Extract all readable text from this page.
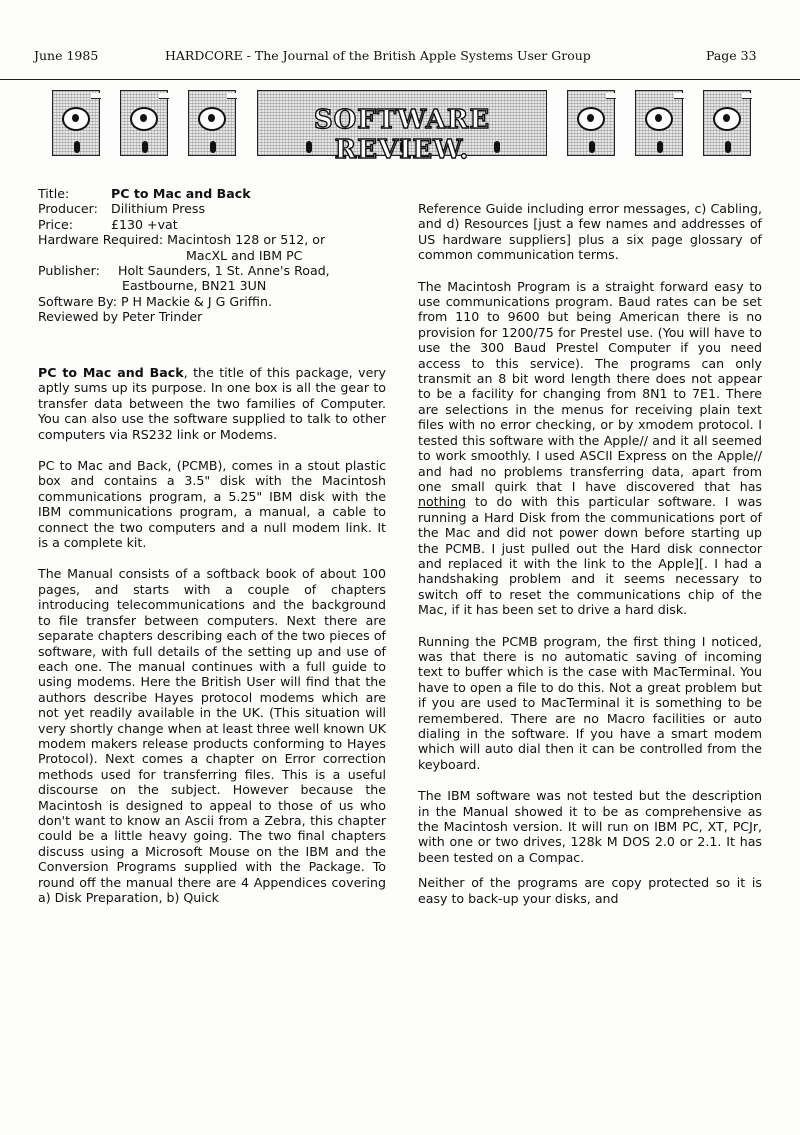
June 1985	HARDCORE - The Journal of the British Apple Systems User Group	Page 33
SOFTWARE REVIEW.
Title:	PC to Mac and Back
Producer: Dilithium Press
Price:	£130 +vat
Hardware Required: Macintosh 128 or 512, or
MacXL and IBM PC
Publisher: Holt Saunders, 1 St. Anne's Road,
Eastbourne, BN21 3UN
Software By: P H Mackie & J G Griffin.
Reviewed by Peter Trinder

PC to Mac and Back, the title of this package, very aptly sums up its purpose. In one box is all the gear to transfer data between the two families of Computer. You can also use the software supplied to talk to other computers via RS232 link or Modems.

PC to Mac and Back, (PCMB), comes in a stout plastic box and contains a 3.5" disk with the Macintosh communications program, a 5.25" IBM disk with the IBM communications program, a manual, a cable to connect the two computers and a null modem link. It is a complete kit.

The Manual consists of a softback book of about 100 pages, and starts with a couple of chapters introducing telecommunications and the background to file transfer between computers. Next there are separate chapters describing each of the two pieces of software, with full details of the setting up and use of each one. The manual continues with a full guide to using modems. Here the British User will find that the authors describe Hayes protocol modems which are not yet readily available in the UK. (This situation will very shortly change when at least three well known UK modem makers release products conforming to Hayes Protocol). Next comes a chapter on Error correction methods used for transferring files. This is a useful discourse on the subject. However because the Macintosh is designed to appeal to those of us who don't want to know an Ascii from a Zebra, this chapter could be a little heavy going. The two final chapters discuss using a Microsoft Mouse on the IBM and the Conversion Programs supplied with the Package. To round off the manual there are 4 Appendices covering a) Disk Preparation, b) Quick

Reference Guide including error messages, c) Cabling, and d) Resources [just a few names and addresses of US hardware suppliers] plus a six page glossary of common communication terms.

The Macintosh Program is a straight forward easy to use communications program. Baud rates can be set from 110 to 9600 but being American there is no provision for 1200/75 for Prestel use. (You will have to use the 300 Baud Prestel Computer if you need access to this service). The programs can only transmit an 8 bit word length there does not appear to be a facility for changing from 8N1 to 7E1. There are selections in the menus for receiving plain text files with no error checking, or by xmodem protocol. I tested this software with the Apple// and it all seemed to work smoothly. I used ASCII Express on the Apple// and had no problems transferring data, apart from one small quirk that I have discovered that has nothing to do with this particular software. I was running a Hard Disk from the communications port of the Mac and did not power down before starting up the PCMB. I just pulled out the Hard disk connector and replaced it with the link to the Apple][. I had a handshaking problem and it seems necessary to switch off to reset the communications chip of the Mac, if it has been set to drive a hard disk.

Running the PCMB program, the first thing I noticed, was that there is no automatic saving of incoming text to buffer which is the case with MacTerminal. You have to open a file to do this. Not a great problem but if you are used to MacTerminal it is something to be remembered. There are no Macro facilities or auto dialing in the software. If you have a smart modem which will auto dial then it can be controlled from the keyboard.

The IBM software was not tested but the description in the Manual showed it to be as comprehensive as the Macintosh version. It will run on IBM PC, XT, PCJr, with one or two drives, 128k M DOS 2.0 or 2.1. It has been tested on a Compac.

Neither of the programs are copy protected so it is easy to back-up your disks, and
